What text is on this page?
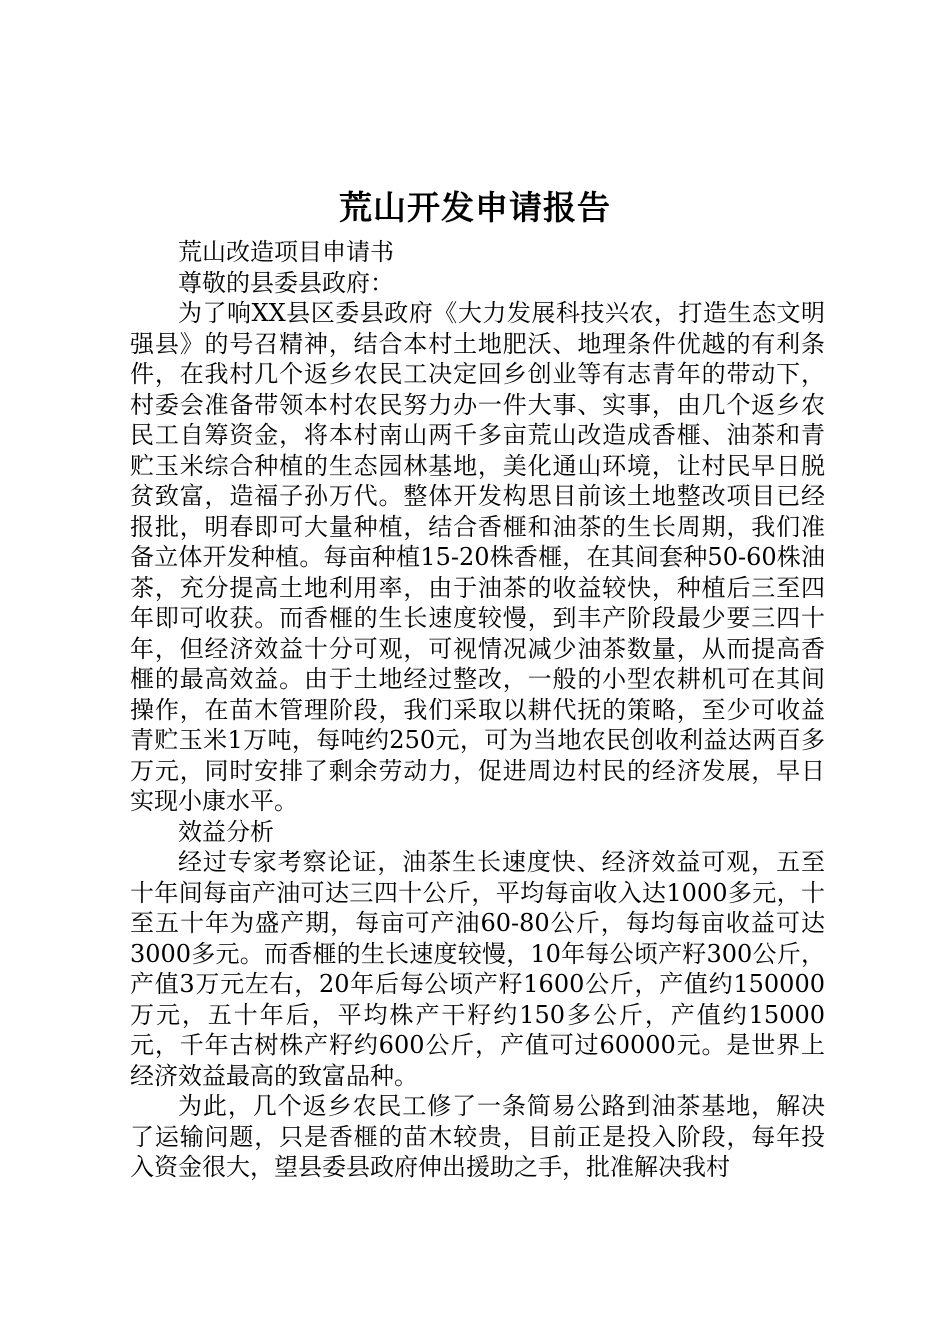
荒山开发申请报告

荒山改造项目申请书

尊敬的县委县政府：

为了响XX县区委县政府《大力发展科技兴农，打造生态文明强县》的号召精神，结合本村土地肥沃、地理条件优越的有利条件，在我村几个返乡农民工决定回乡创业等有志青年的带动下，村委会准备带领本村农民努力办一件大事、实事，由几个返乡农民工自筹资金，将本村南山两千多亩荒山改造成香榧、油茶和青贮玉米综合种植的生态园林基地，美化通山环境，让村民早日脱贫致富，造福子孙万代。整体开发构思目前该土地整改项目已经报批，明春即可大量种植，结合香榧和油茶的生长周期，我们准备立体开发种植。每亩种植15-20株香榧，在其间套种50-60株油茶，充分提高土地利用率，由于油茶的收益较快，种植后三至四年即可收获。而香榧的生长速度较慢，到丰产阶段最少要三四十年，但经济效益十分可观，可视情况减少油茶数量，从而提高香榧的最高效益。由于土地经过整改，一般的小型农耕机可在其间操作，在苗木管理阶段，我们采取以耕代抚的策略，至少可收益青贮玉米1万吨，每吨约250元，可为当地农民创收利益达两百多万元，同时安排了剩余劳动力，促进周边村民的经济发展，早日实现小康水平。

效益分析

经过专家考察论证，油茶生长速度快、经济效益可观，五至十年间每亩产油可达三四十公斤，平均每亩收入达1000多元，十至五十年为盛产期，每亩可产油60-80公斤，每均每亩收益可达3000多元。而香榧的生长速度较慢，10年每公顷产籽300公斤，产值3万元左右，20年后每公顷产籽1600公斤，产值约150000万元，五十年后，平均株产干籽约150多公斤，产值约15000元，千年古树株产籽约600公斤，产值可过60000元。是世界上经济效益最高的致富品种。

为此，几个返乡农民工修了一条简易公路到油茶基地，解决了运输问题，只是香榧的苗木较贵，目前正是投入阶段，每年投入资金很大，望县委县政府伸出援助之手，批准解决我村
